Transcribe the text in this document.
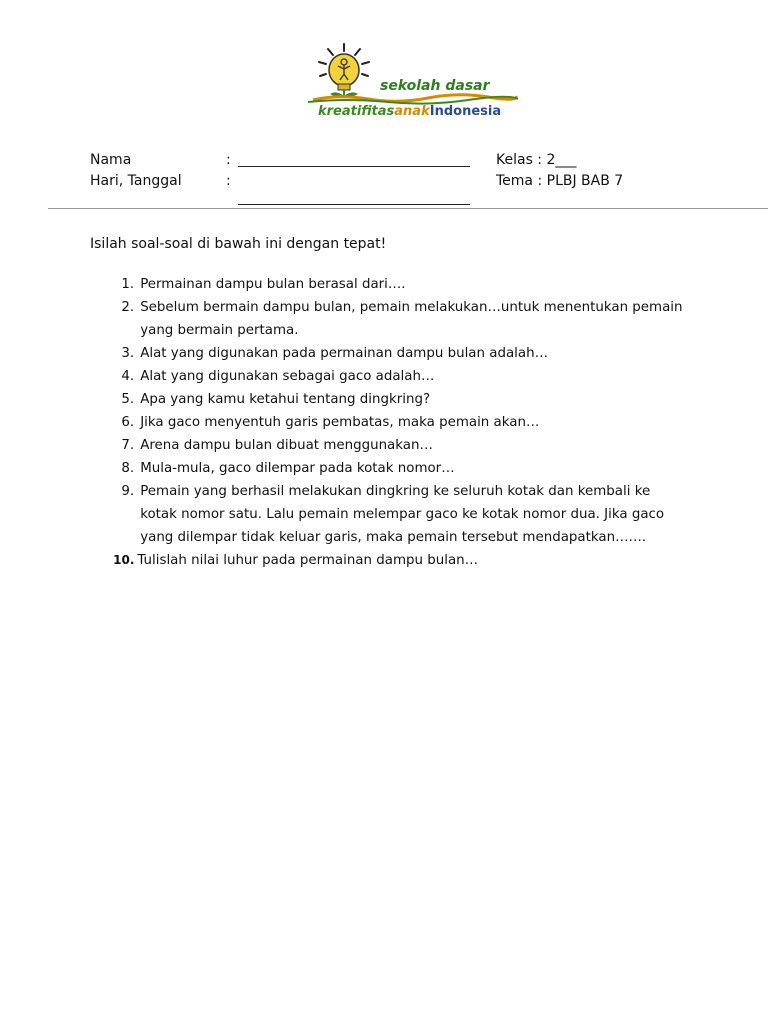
sekolah dasar
kreatifitasanakIndonesia
Nama	:
Hari, Tanggal	:
Kelas : 2___
Tema : PLBJ BAB 7
Isilah soal-soal di bawah ini dengan tepat!
1. Permainan dampu bulan berasal dari….
2. Sebelum bermain dampu bulan, pemain melakukan…untuk menentukan pemain
yang bermain pertama.
3. Alat yang digunakan pada permainan dampu bulan adalah…
4. Alat yang digunakan sebagai gaco adalah…
5. Apa yang kamu ketahui tentang dingkring?
6. Jika gaco menyentuh garis pembatas, maka pemain akan…
7. Arena dampu bulan dibuat menggunakan…
8. Mula-mula, gaco dilempar pada kotak nomor…
9. Pemain yang berhasil melakukan dingkring ke seluruh kotak dan kembali ke
kotak nomor satu. Lalu pemain melempar gaco ke kotak nomor dua. Jika gaco
yang dilempar tidak keluar garis, maka pemain tersebut mendapatkan…….
10. Tulislah nilai luhur pada permainan dampu bulan…
